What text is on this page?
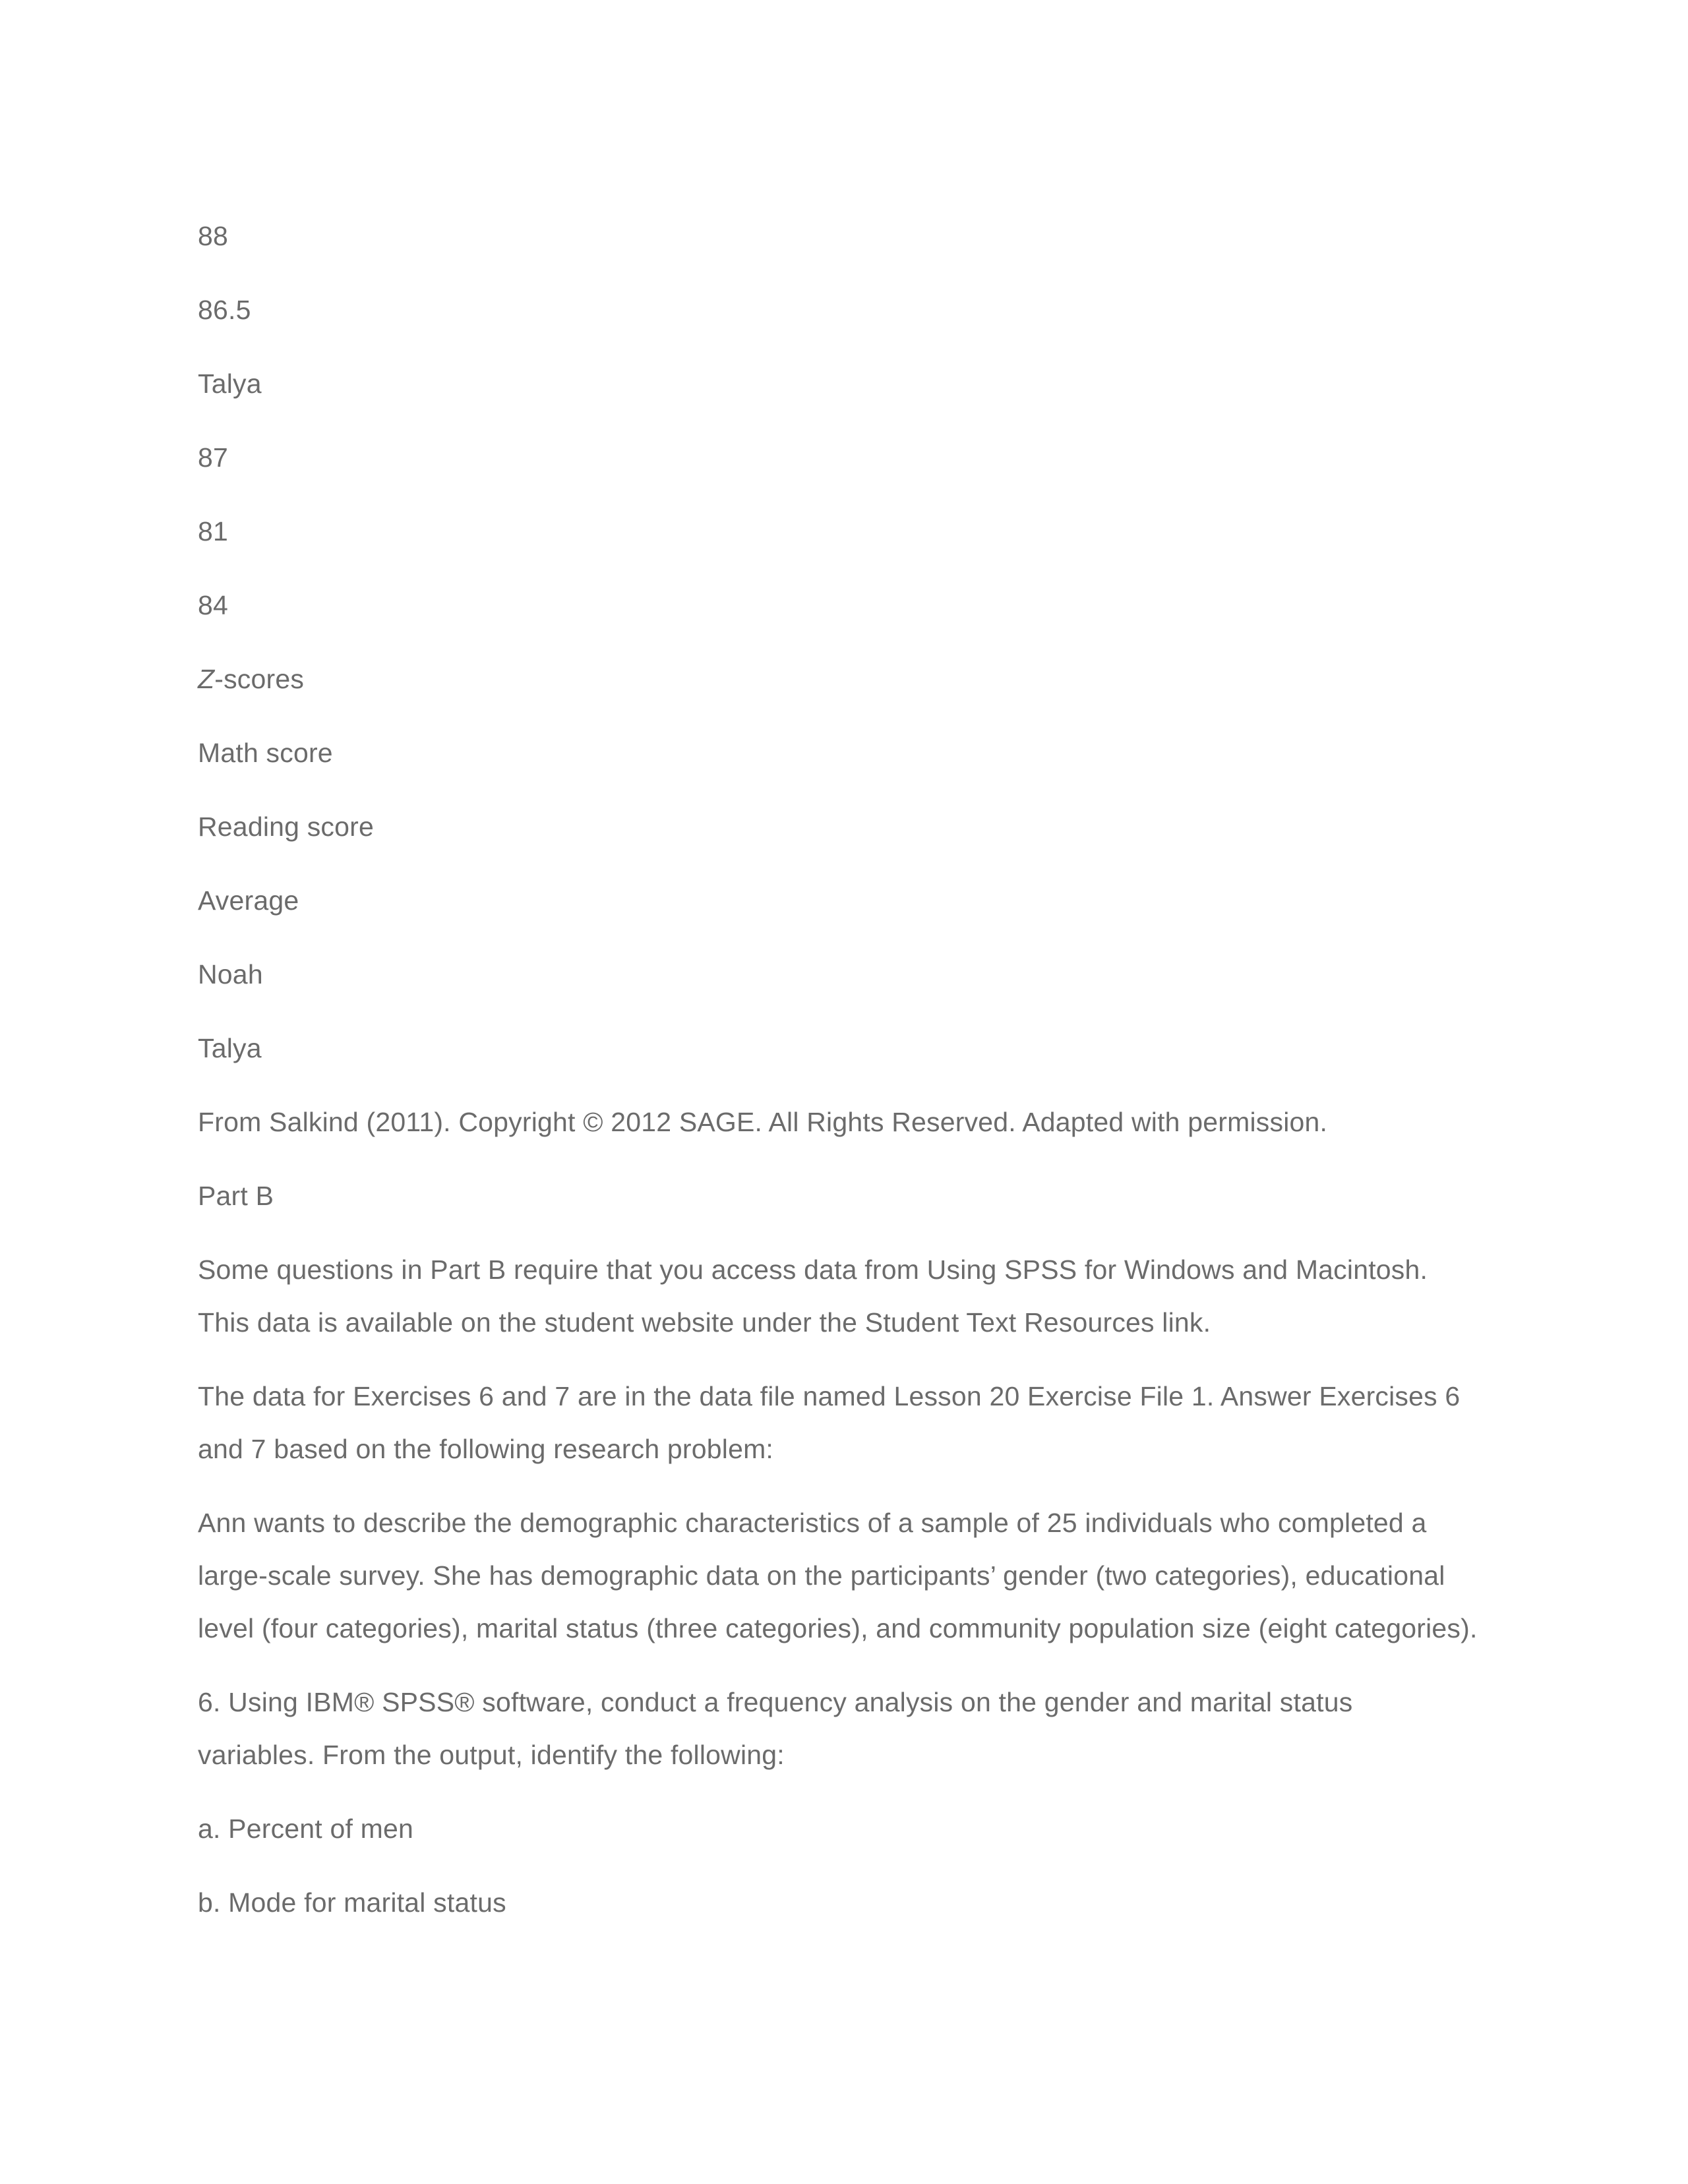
88

86.5

Talya

87

81

84

Z-scores

Math score

Reading score

Average

Noah

Talya

From Salkind (2011). Copyright © 2012 SAGE. All Rights Reserved. Adapted with permission.

Part B

Some questions in Part B require that you access data from Using SPSS for Windows and Macintosh.
This data is available on the student website under the Student Text Resources link.
The data for Exercises 6 and 7 are in the data file named Lesson 20 Exercise File 1. Answer Exercises 6
and 7 based on the following research problem:
Ann wants to describe the demographic characteristics of a sample of 25 individuals who completed a
large-scale survey. She has demographic data on the participants’ gender (two categories), educational
level (four categories), marital status (three categories), and community population size (eight categories).
6. Using IBM® SPSS® software, conduct a frequency analysis on the gender and marital status
variables. From the output, identify the following:

a. Percent of men

b. Mode for marital status
